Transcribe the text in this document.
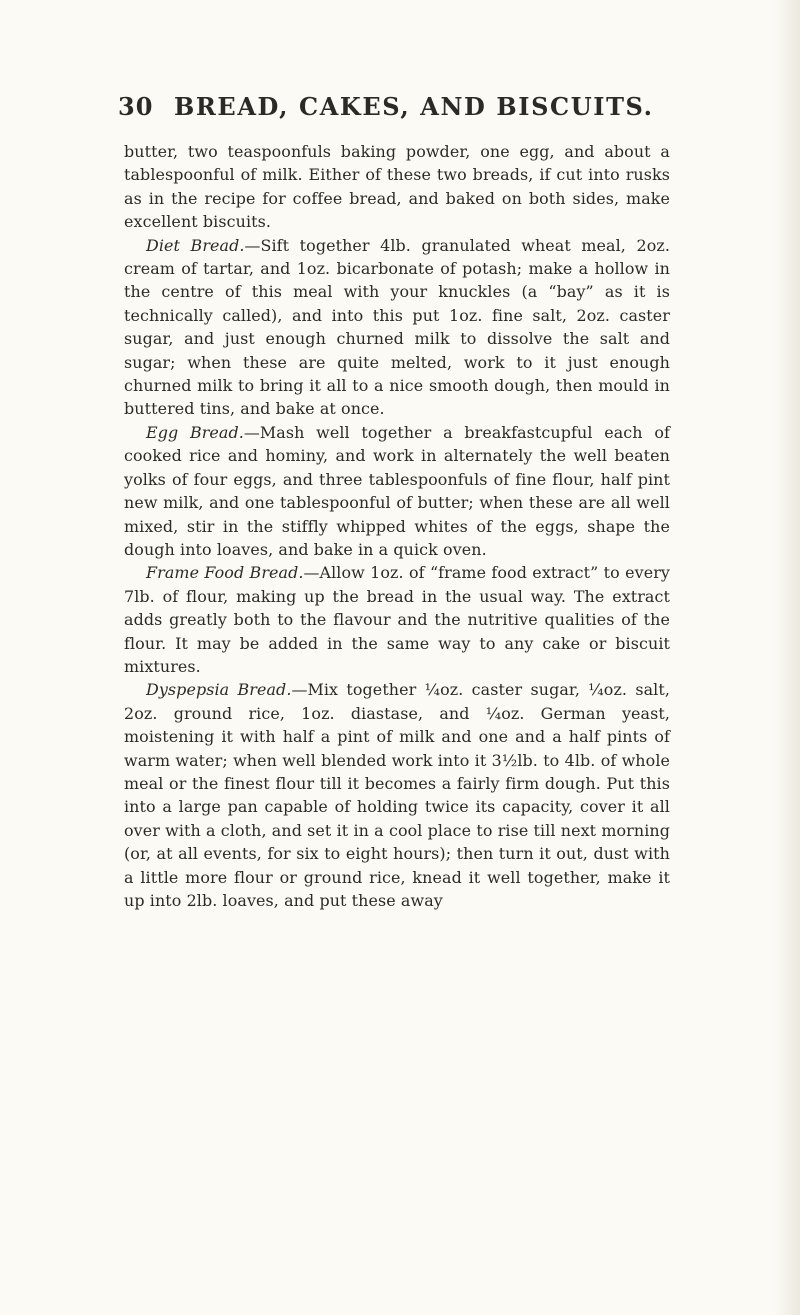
30 BREAD, CAKES, AND BISCUITS.

butter, two teaspoonfuls baking powder, one egg, and about a tablespoonful of milk. Either of these two breads, if cut into rusks as in the recipe for coffee bread, and baked on both sides, make excellent biscuits.

Diet Bread.—Sift together 4lb. granulated wheat meal, 2oz. cream of tartar, and 1oz. bicarbonate of potash; make a hollow in the centre of this meal with your knuckles (a “bay” as it is technically called), and into this put 1oz. fine salt, 2oz. caster sugar, and just enough churned milk to dissolve the salt and sugar; when these are quite melted, work to it just enough churned milk to bring it all to a nice smooth dough, then mould in buttered tins, and bake at once.

Egg Bread.—Mash well together a breakfastcupful each of cooked rice and hominy, and work in alternately the well beaten yolks of four eggs, and three tablespoonfuls of fine flour, half pint new milk, and one tablespoonful of butter; when these are all well mixed, stir in the stiffly whipped whites of the eggs, shape the dough into loaves, and bake in a quick oven.

Frame Food Bread.—Allow 1oz. of “frame food extract” to every 7lb. of flour, making up the bread in the usual way. The extract adds greatly both to the flavour and the nutritive qualities of the flour. It may be added in the same way to any cake or biscuit mixtures.

Dyspepsia Bread.—Mix together ¼oz. caster sugar, ¼oz. salt, 2oz. ground rice, 1oz. diastase, and ¼oz. German yeast, moistening it with half a pint of milk and one and a half pints of warm water; when well blended work into it 3½lb. to 4lb. of whole meal or the finest flour till it becomes a fairly firm dough. Put this into a large pan capable of holding twice its capacity, cover it all over with a cloth, and set it in a cool place to rise till next morning (or, at all events, for six to eight hours); then turn it out, dust with a little more flour or ground rice, knead it well together, make it up into 2lb. loaves, and put these away
